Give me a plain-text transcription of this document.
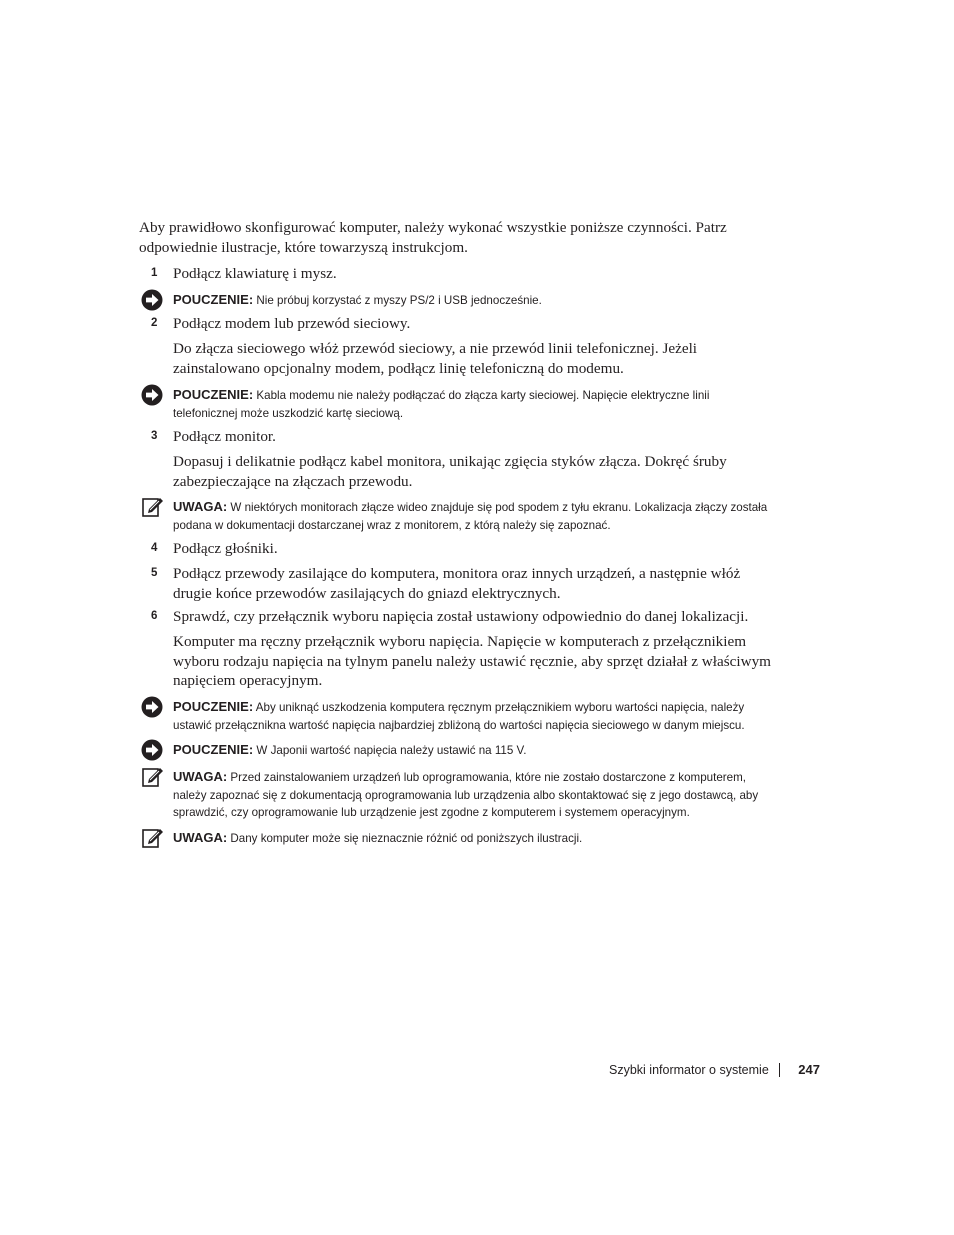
Aby prawidłowo skonfigurować komputer, należy wykonać wszystkie poniższe czynności. Patrz odpowiednie ilustracje, które towarzyszą instrukcjom.

1 Podłącz klawiaturę i mysz.

POUCZENIE: Nie próbuj korzystać z myszy PS/2 i USB jednocześnie.

2 Podłącz modem lub przewód sieciowy.

Do złącza sieciowego włóż przewód sieciowy, a nie przewód linii telefonicznej. Jeżeli zainstalowano opcjonalny modem, podłącz linię telefoniczną do modemu.

POUCZENIE: Kabla modemu nie należy podłączać do złącza karty sieciowej. Napięcie elektryczne linii telefonicznej może uszkodzić kartę sieciową.

3 Podłącz monitor.

Dopasuj i delikatnie podłącz kabel monitora, unikając zgięcia styków złącza. Dokręć śruby zabezpieczające na złączach przewodu.

UWAGA: W niektórych monitorach złącze wideo znajduje się pod spodem z tyłu ekranu. Lokalizacja złączy została podana w dokumentacji dostarczanej wraz z monitorem, z którą należy się zapoznać.

4 Podłącz głośniki.

5 Podłącz przewody zasilające do komputera, monitora oraz innych urządzeń, a następnie włóż drugie końce przewodów zasilających do gniazd elektrycznych.

6 Sprawdź, czy przełącznik wyboru napięcia został ustawiony odpowiednio do danej lokalizacji.

Komputer ma ręczny przełącznik wyboru napięcia. Napięcie w komputerach z przełącznikiem wyboru rodzaju napięcia na tylnym panelu należy ustawić ręcznie, aby sprzęt działał z właściwym napięciem operacyjnym.

POUCZENIE: Aby uniknąć uszkodzenia komputera ręcznym przełącznikiem wyboru wartości napięcia, należy ustawić przełącznikna wartość napięcia najbardziej zbliżoną do wartości napięcia sieciowego w danym miejscu.

POUCZENIE: W Japonii wartość napięcia należy ustawić na 115 V.

UWAGA: Przed zainstalowaniem urządzeń lub oprogramowania, które nie zostało dostarczone z komputerem, należy zapoznać się z dokumentacją oprogramowania lub urządzenia albo skontaktować się z jego dostawcą, aby sprawdzić, czy oprogramowanie lub urządzenie jest zgodne z komputerem i systemem operacyjnym.

UWAGA: Dany komputer może się nieznacznie różnić od poniższych ilustracji.

Szybki informator o systemie 247
